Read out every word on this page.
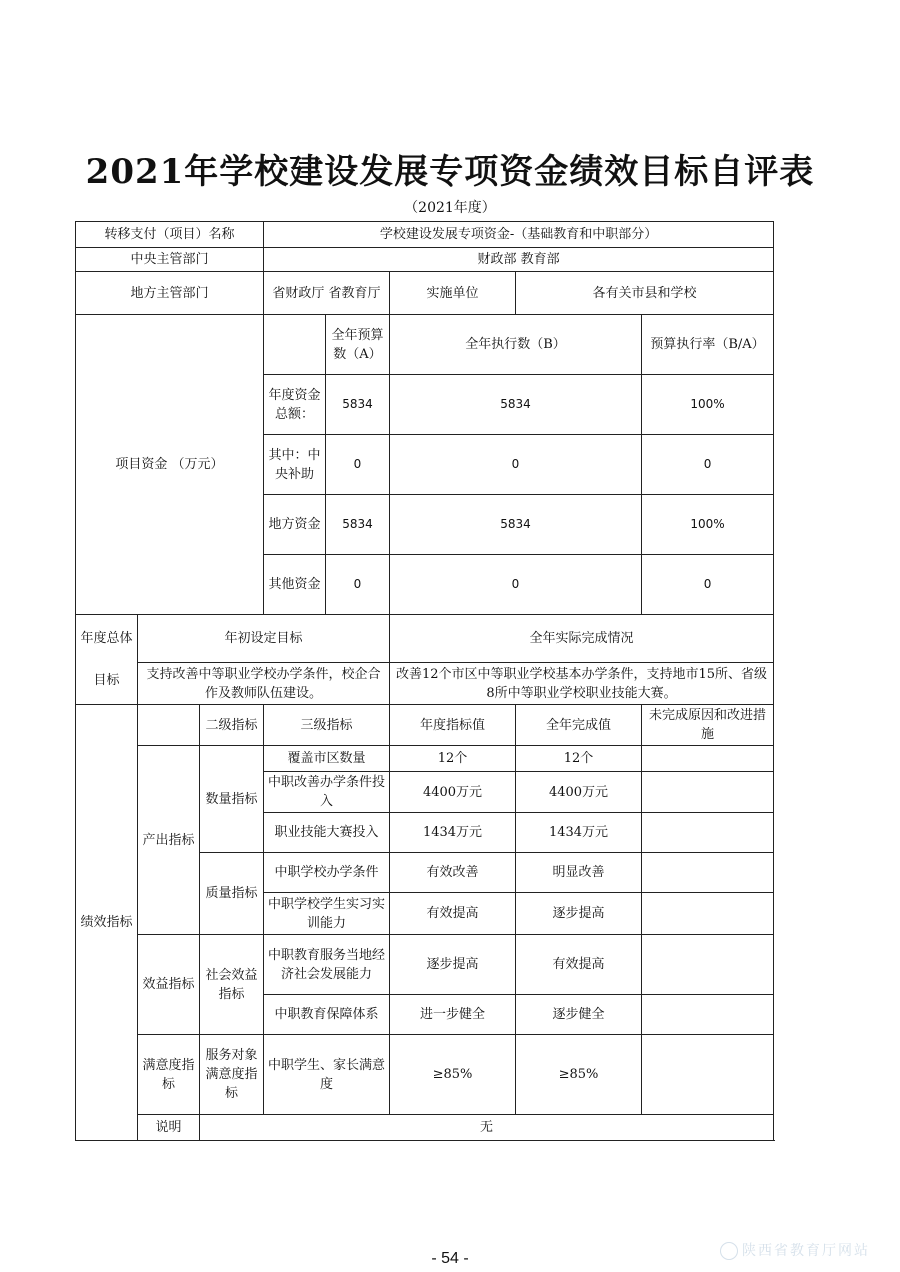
2021年学校建设发展专项资金绩效目标自评表
（2021年度）
转移支付（项目）名称			学校建设发展专项资金-（基础教育和中职部分）				
中央主管部门			财政部 教育部				
地方主管部门			省财政厅 省教育厅		实施单位	各有关市县和学校	
项目资金 （万元）				全年预算数（A）	全年执行数（B）		预算执行率（B/A）
			年度资金总额：	5834	5834		100%
			其中：中央补助	0	0		0
			地方资金	5834	5834		100%
			其他资金	0	0		0

年度总体
目标	年初设定目标				全年实际完成情况		
	支持改善中等职业学校办学条件，校企合作及教师队伍建设。				改善12个市区中等职业学校基本办学条件，支持地市15所、省级8所中等职业学校职业技能大赛。		
绩效指标		二级指标	三级指标		年度指标值	全年完成值	未完成原因和改进措施
	产出指标	数量指标	覆盖市区数量		12个	12个	
			中职改善办学条件投入		4400万元	4400万元	
			职业技能大赛投入		1434万元	1434万元	
		质量指标	中职学校办学条件		有效改善	明显改善	
			中职学校学生实习实训能力		有效提高	逐步提高	
	效益指标	社会效益指标	中职教育服务当地经济社会发展能力		逐步提高	有效提高	
			中职教育保障体系		进一步健全	逐步健全	
	满意度指标	服务对象满意度指标	中职学生、家长满意度		≥85%	≥85%	
	说明	无					
- 54 -	陕西省教育厅网站
